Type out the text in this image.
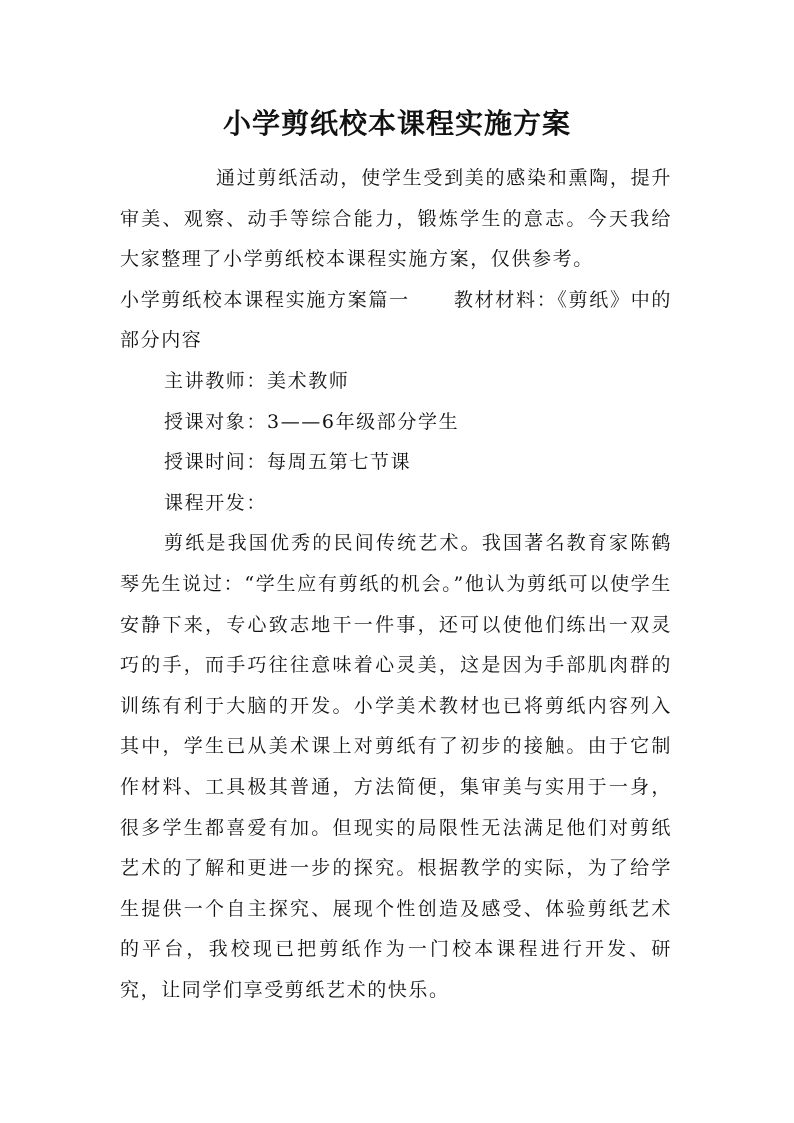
小学剪纸校本课程实施方案

通过剪纸活动，使学生受到美的感染和熏陶，提升审美、观察、动手等综合能力，锻炼学生的意志。今天我给大家整理了小学剪纸校本课程实施方案，仅供参考。

小学剪纸校本课程实施方案篇一 教材材料：《剪纸》中的部分内容

主讲教师：美术教师

授课对象：3——6年级部分学生

授课时间：每周五第七节课

课程开发：

剪纸是我国优秀的民间传统艺术。我国著名教育家陈鹤琴先生说过：“学生应有剪纸的机会。”他认为剪纸可以使学生安静下来，专心致志地干一件事，还可以使他们练出一双灵巧的手，而手巧往往意味着心灵美，这是因为手部肌肉群的训练有利于大脑的开发。小学美术教材也已将剪纸内容列入其中，学生已从美术课上对剪纸有了初步的接触。由于它制作材料、工具极其普通，方法简便，集审美与实用于一身，很多学生都喜爱有加。但现实的局限性无法满足他们对剪纸艺术的了解和更进一步的探究。根据教学的实际，为了给学生提供一个自主探究、展现个性创造及感受、体验剪纸艺术的平台，我校现已把剪纸作为一门校本课程进行开发、研究，让同学们享受剪纸艺术的快乐。
